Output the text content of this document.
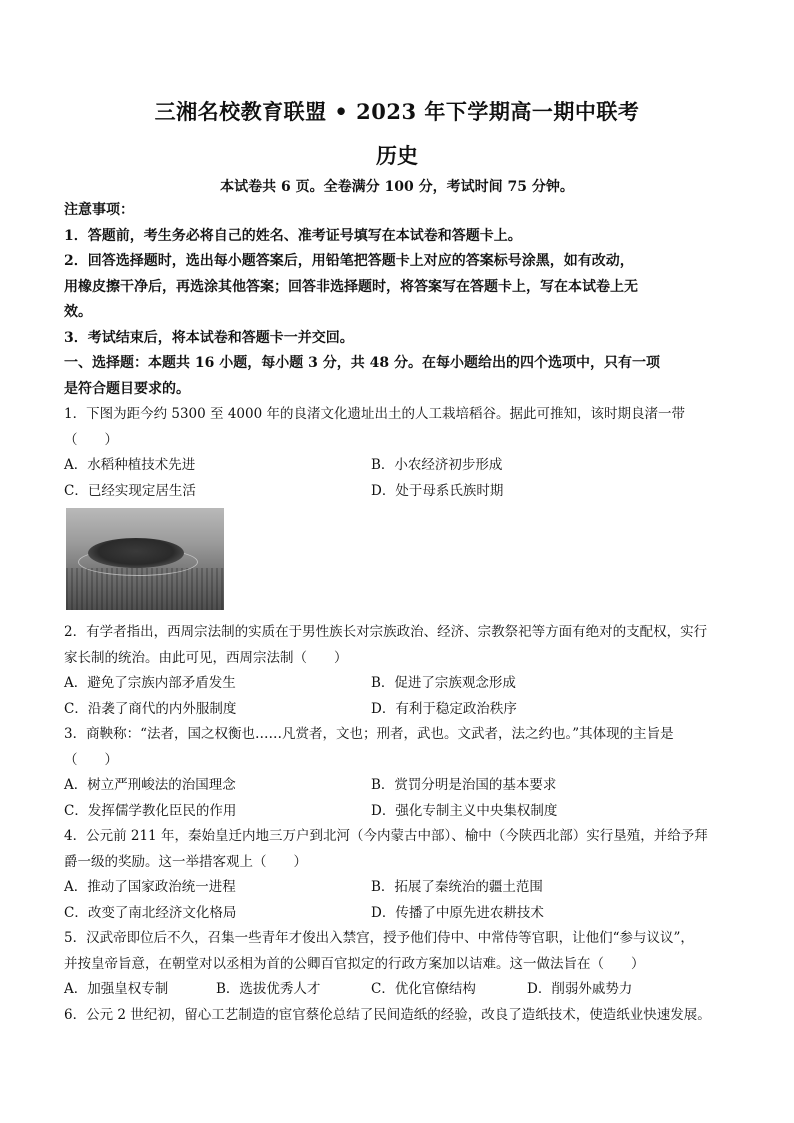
三湘名校教育联盟 • 2023 年下学期高一期中联考
历史
本试卷共 6 页。全卷满分 100 分，考试时间 75 分钟。
注意事项：
1．答题前，考生务必将自己的姓名、准考证号填写在本试卷和答题卡上。
2．回答选择题时，选出每小题答案后，用铅笔把答题卡上对应的答案标号涂黑，如有改动，
用橡皮擦干净后，再选涂其他答案；回答非选择题时，将答案写在答题卡上，写在本试卷上无
效。
3．考试结束后，将本试卷和答题卡一并交回。
一、选择题：本题共 16 小题，每小题 3 分，共 48 分。在每小题给出的四个选项中，只有一项
是符合题目要求的。
1．下图为距今约 5300 至 4000 年的良渚文化遗址出土的人工栽培稻谷。据此可推知，该时期良渚一带
（　　）
A．水稻种植技术先进	B．小农经济初步形成
C．已经实现定居生活	D．处于母系氏族时期
2．有学者指出，西周宗法制的实质在于男性族长对宗族政治、经济、宗教祭祀等方面有绝对的支配权，实行
家长制的统治。由此可见，西周宗法制（　　）
A．避免了宗族内部矛盾发生	B．促进了宗族观念形成
C．沿袭了商代的内外服制度	D．有利于稳定政治秩序
3．商鞅称：“法者，国之权衡也……凡赏者，文也；刑者，武也。文武者，法之约也。”其体现的主旨是
（　　）
A．树立严刑峻法的治国理念	B．赏罚分明是治国的基本要求
C．发挥儒学教化臣民的作用	D．强化专制主义中央集权制度
4．公元前 211 年，秦始皇迁内地三万户到北河（今内蒙古中部）、榆中（今陕西北部）实行垦殖，并给予拜
爵一级的奖励。这一举措客观上（　　）
A．推动了国家政治统一进程	B．拓展了秦统治的疆土范围
C．改变了南北经济文化格局	D．传播了中原先进农耕技术
5．汉武帝即位后不久，召集一些青年才俊出入禁宫，授予他们侍中、中常侍等官职，让他们“参与议议”，
并按皇帝旨意，在朝堂对以丞相为首的公卿百官拟定的行政方案加以诘难。这一做法旨在（　　）
A．加强皇权专制	B．选拔优秀人才	C．优化官僚结构	D．削弱外戚势力
6．公元 2 世纪初，留心工艺制造的宦官蔡伦总结了民间造纸的经验，改良了造纸技术，使造纸业快速发展。
